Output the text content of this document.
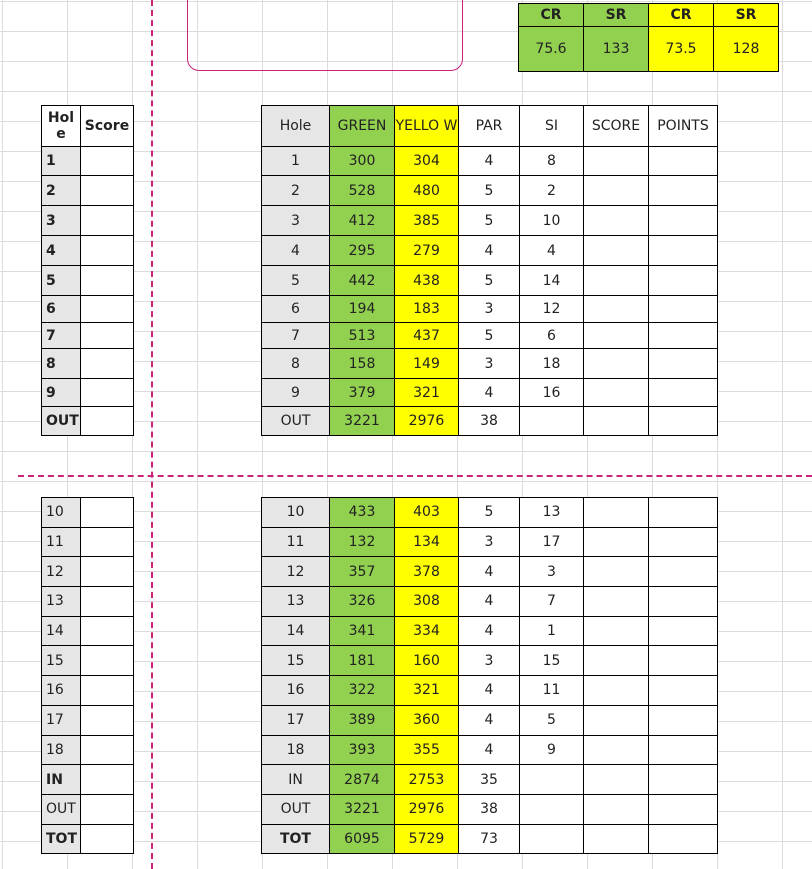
CR	SR	CR	SR
75.6	133	73.5	128
Hol e	Score
1	
2	
3	
4	
5	
6	
7	
8	
9	
OUT	
10	
11	
12	
13	
14	
15	
16	
17	
18	
IN	
OUT	
TOT	
Hole	GREEN	YELLO W	PAR	SI	SCORE	POINTS
1	300	304	4	8		
2	528	480	5	2		
3	412	385	5	10		
4	295	279	4	4		
5	442	438	5	14		
6	194	183	3	12		
7	513	437	5	6		
8	158	149	3	18		
9	379	321	4	16		
OUT	3221	2976	38			
10	433	403	5	13		
11	132	134	3	17		
12	357	378	4	3		
13	326	308	4	7		
14	341	334	4	1		
15	181	160	3	15		
16	322	321	4	11		
17	389	360	4	5		
18	393	355	4	9		
IN	2874	2753	35			
OUT	3221	2976	38			
TOT	6095	5729	73			
